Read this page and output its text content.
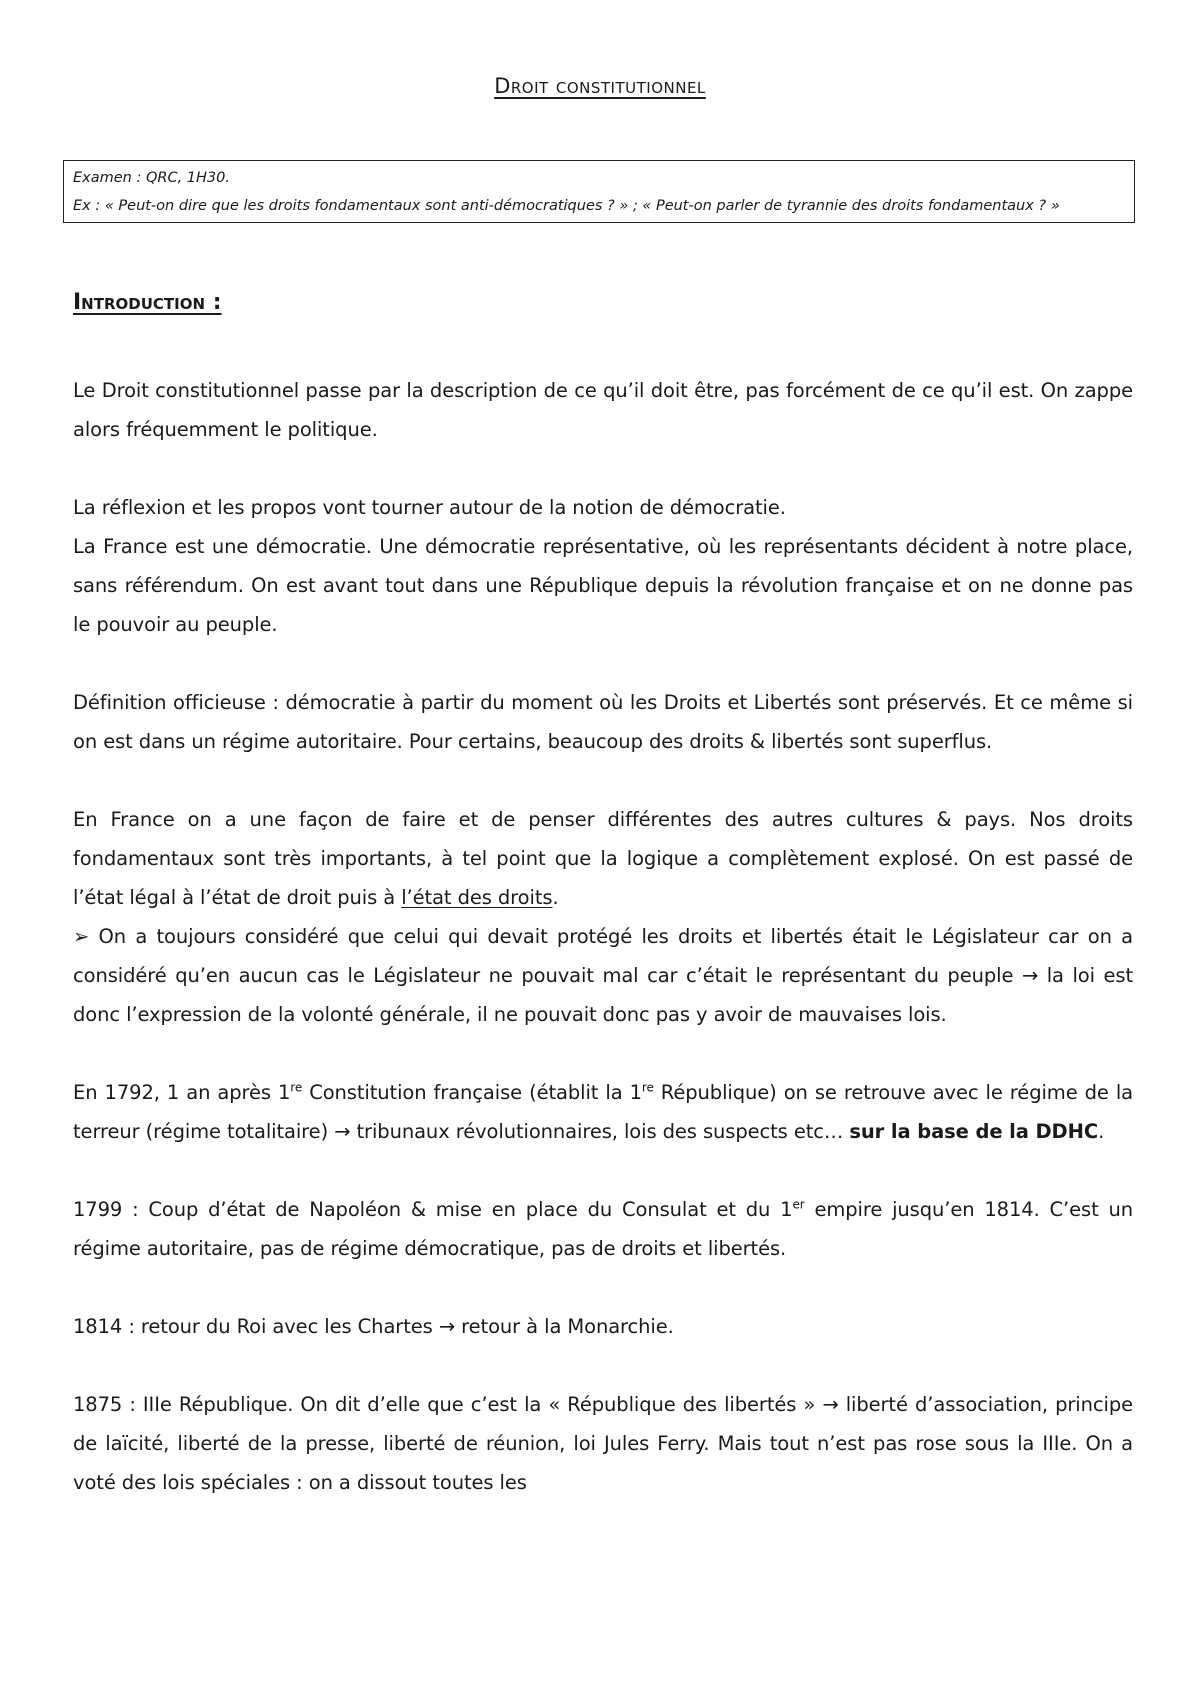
Droit constitutionnel

Examen : QRC, 1H30.

Ex : « Peut-on dire que les droits fondamentaux sont anti-démocratiques ? » ; « Peut-on parler de tyrannie des droits fondamentaux ? »

Introduction :

Le Droit constitutionnel passe par la description de ce qu’il doit être, pas forcément de ce qu’il est. On zappe alors fréquemment le politique.

La réflexion et les propos vont tourner autour de la notion de démocratie.

La France est une démocratie. Une démocratie représentative, où les représentants décident à notre place, sans référendum. On est avant tout dans une République depuis la révolution française et on ne donne pas le pouvoir au peuple.

Définition officieuse : démocratie à partir du moment où les Droits et Libertés sont préservés. Et ce même si on est dans un régime autoritaire. Pour certains, beaucoup des droits & libertés sont superflus.

En France on a une façon de faire et de penser différentes des autres cultures & pays. Nos droits fondamentaux sont très importants, à tel point que la logique a complètement explosé. On est passé de l’état légal à l’état de droit puis à l’état des droits.

➢ On a toujours considéré que celui qui devait protégé les droits et libertés était le Législateur car on a considéré qu’en aucun cas le Législateur ne pouvait mal car c’était le représentant du peuple → la loi est donc l’expression de la volonté générale, il ne pouvait donc pas y avoir de mauvaises lois.

En 1792, 1 an après 1re Constitution française (établit la 1re République) on se retrouve avec le régime de la terreur (régime totalitaire) → tribunaux révolutionnaires, lois des suspects etc… sur la base de la DDHC.

1799 : Coup d’état de Napoléon & mise en place du Consulat et du 1er empire jusqu’en 1814. C’est un régime autoritaire, pas de régime démocratique, pas de droits et libertés.

1814 : retour du Roi avec les Chartes → retour à la Monarchie.

1875 : IIIe République. On dit d’elle que c’est la « République des libertés » → liberté d’association, principe de laïcité, liberté de la presse, liberté de réunion, loi Jules Ferry. Mais tout n’est pas rose sous la IIIe. On a voté des lois spéciales : on a dissout toutes les
